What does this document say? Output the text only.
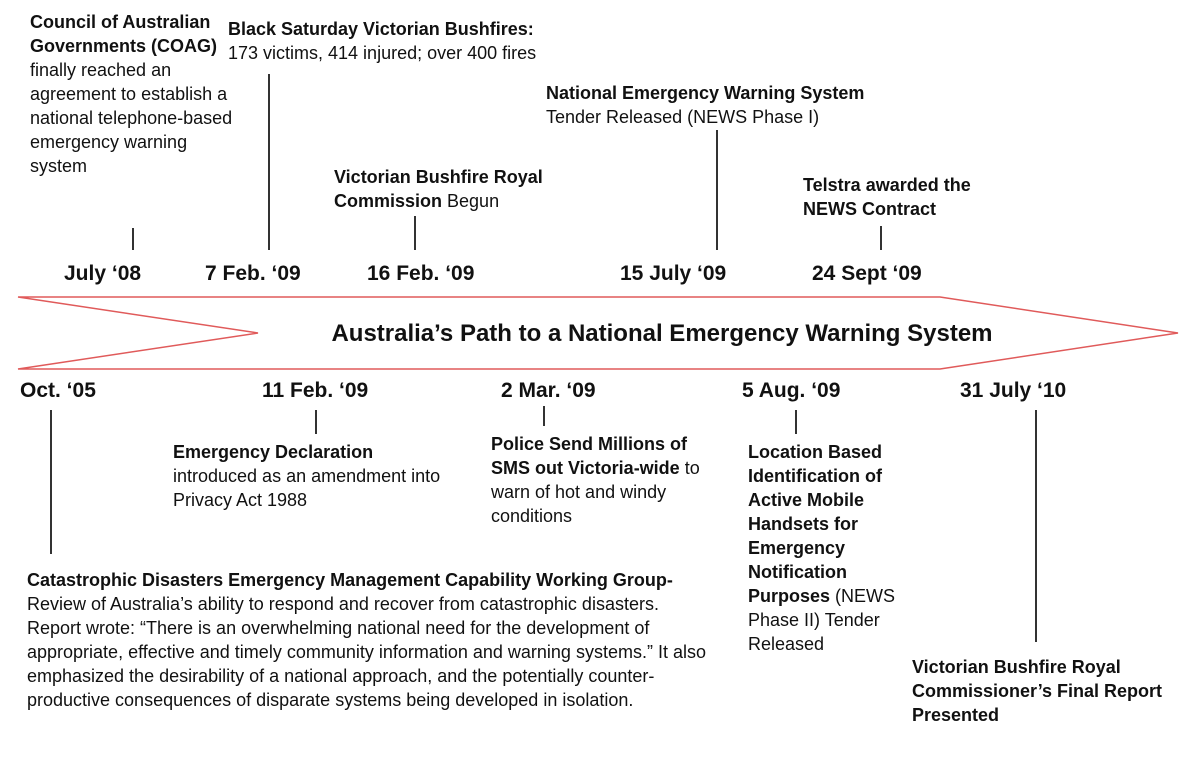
Australia’s Path to a National Emergency Warning System
Council of Australian Governments (COAG) finally reached an agreement to establish a national telephone-based emergency warning system
July ‘08
Black Saturday Victorian Bushfires:
173 victims, 414 injured; over 400 fires
7 Feb. ‘09
Victorian Bushfire Royal Commission Begun
16 Feb. ‘09
National Emergency Warning System
Tender Released (NEWS Phase I)
15 July ‘09
Telstra awarded the NEWS Contract
24 Sept ‘09
Oct. ‘05
Catastrophic Disasters Emergency Management Capability Working Group- Review of Australia’s ability to respond and recover from catastrophic disasters. Report wrote: “There is an overwhelming national need for the development of appropriate, effective and timely community information and warning systems.” It also emphasized the desirability of a national approach, and the potentially counter-productive consequences of disparate systems being developed in isolation.
11 Feb. ‘09
Emergency Declaration
introduced as an amendment into Privacy Act 1988
2 Mar. ‘09
Police Send Millions of SMS out Victoria-wide to warn of hot and windy conditions
5 Aug. ‘09
Location Based Identification of Active Mobile Handsets for Emergency Notification Purposes (NEWS Phase II) Tender Released
31 July ‘10
Victorian Bushfire Royal Commissioner’s Final Report Presented
